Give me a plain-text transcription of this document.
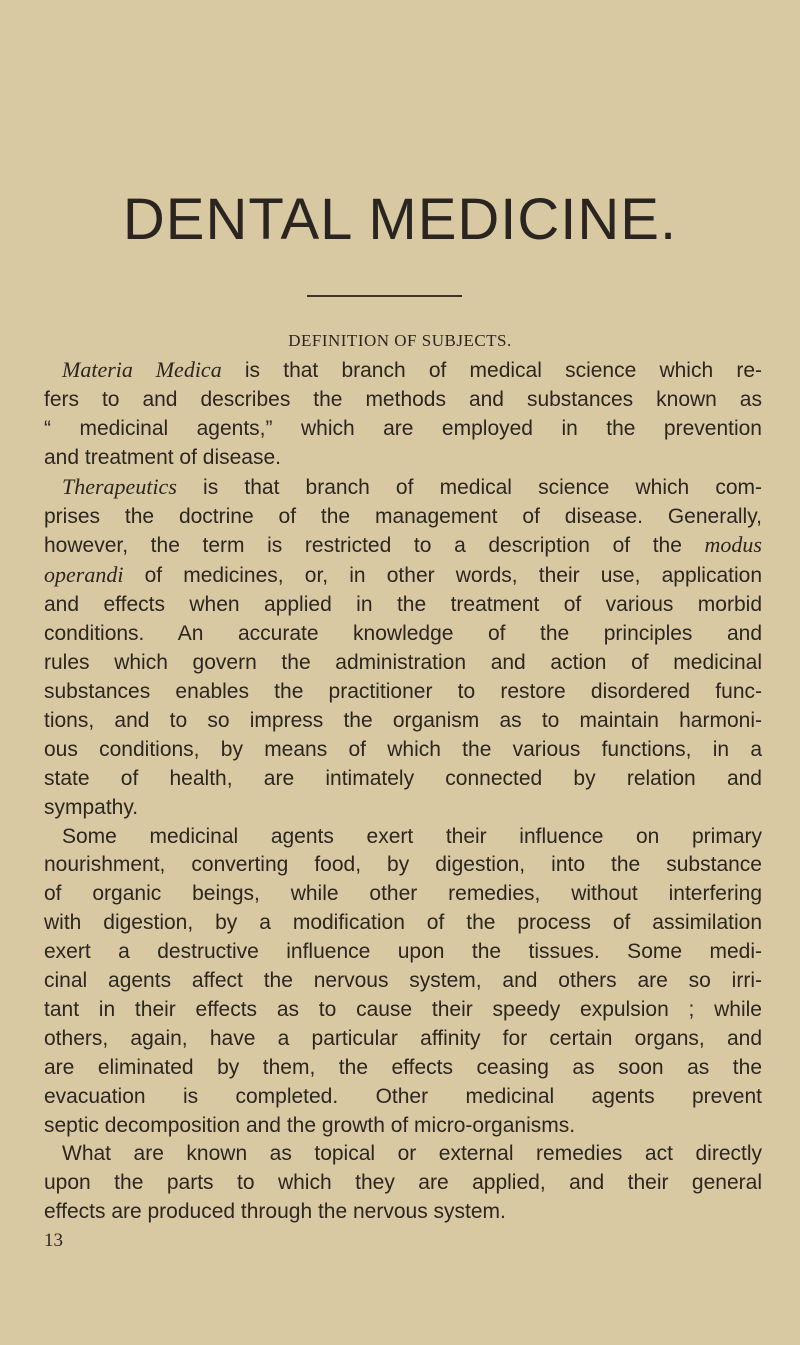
DENTAL MEDICINE.
DEFINITION OF SUBJECTS.
Materia Medica is that branch of medical science which re-
fers to and describes the methods and substances known as
“ medicinal agents,” which are employed in the prevention
and treatment of disease.
Therapeutics is that branch of medical science which com-
prises the doctrine of the management of disease. Generally,
however, the term is restricted to a description of the modus
operandi of medicines, or, in other words, their use, application
and effects when applied in the treatment of various morbid
conditions. An accurate knowledge of the principles and
rules which govern the administration and action of medicinal
substances enables the practitioner to restore disordered func-
tions, and to so impress the organism as to maintain harmoni-
ous conditions, by means of which the various functions, in a
state of health, are intimately connected by relation and
sympathy.
Some medicinal agents exert their influence on primary
nourishment, converting food, by digestion, into the substance
of organic beings, while other remedies, without interfering
with digestion, by a modification of the process of assimilation
exert a destructive influence upon the tissues. Some medi-
cinal agents affect the nervous system, and others are so irri-
tant in their effects as to cause their speedy expulsion ; while
others, again, have a particular affinity for certain organs, and
are eliminated by them, the effects ceasing as soon as the
evacuation is completed. Other medicinal agents prevent
septic decomposition and the growth of micro-organisms.
What are known as topical or external remedies act directly
upon the parts to which they are applied, and their general
effects are produced through the nervous system.
13
